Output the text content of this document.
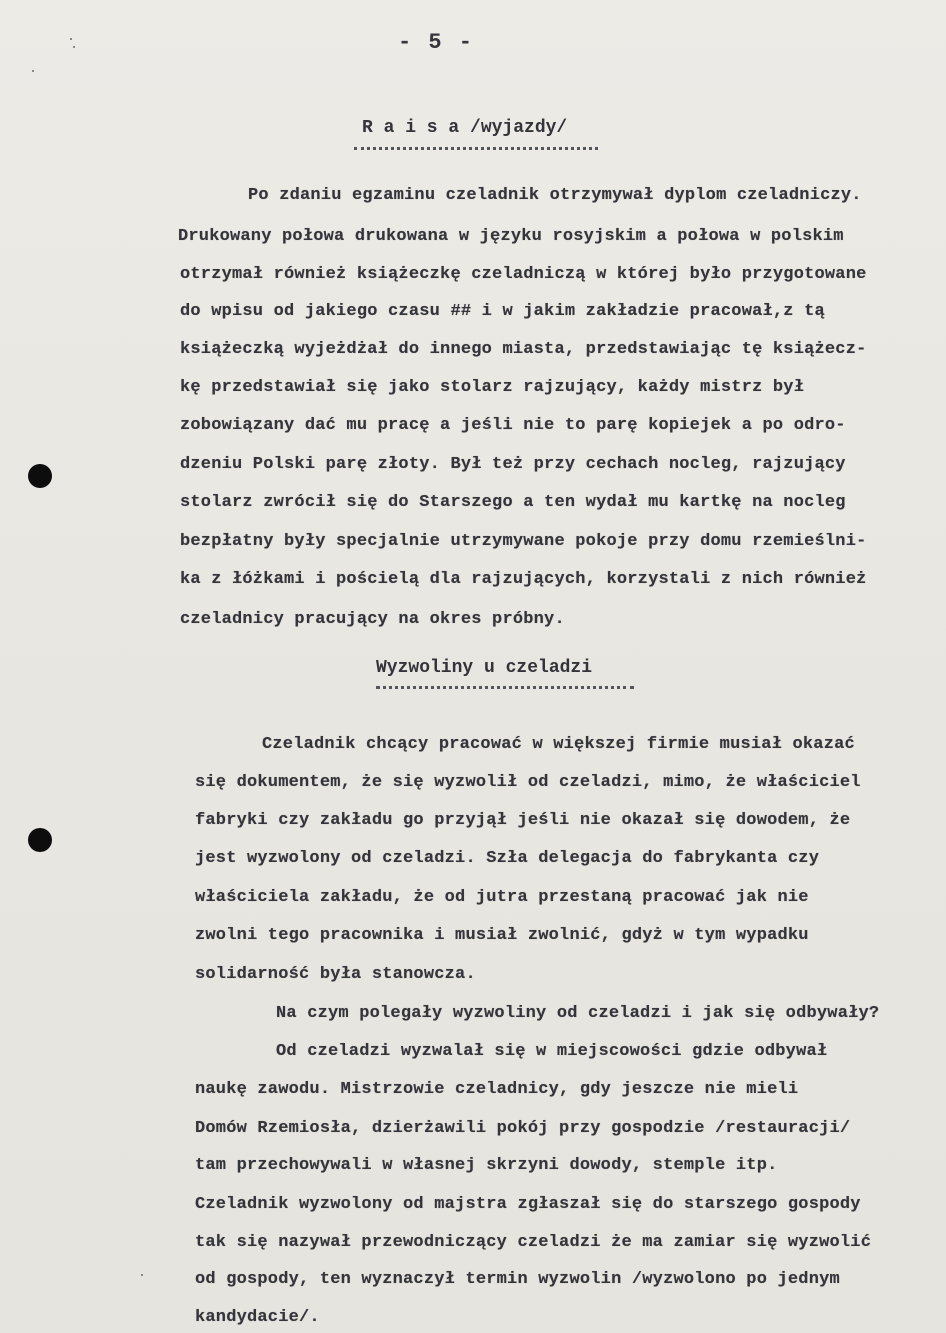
- 5 -
R a i s a /wyjazdy/
Po zdaniu egzaminu czeladnik otrzymywał dyplom czeladniczy.
Drukowany połowa drukowana w języku rosyjskim a połowa w polskim
otrzymał również książeczkę czeladniczą w której było przygotowane
do wpisu od jakiego czasu ## i w jakim zakładzie pracował,z tą
książeczką wyjeżdżał do innego miasta, przedstawiając tę książecz-
kę przedstawiał się jako stolarz rajzujący, każdy mistrz był
zobowiązany dać mu pracę a jeśli nie to parę kopiejek a po odro-
dzeniu Polski parę złoty. Był też przy cechach nocleg, rajzujący
stolarz zwrócił się do Starszego a ten wydał mu kartkę na nocleg
bezpłatny były specjalnie utrzymywane pokoje przy domu rzemieślni-
ka z łóżkami i pościelą dla rajzujących, korzystali z nich również
czeladnicy pracujący na okres próbny.
Wyzwoliny u czeladzi
Czeladnik chcący pracować w większej firmie musiał okazać
się dokumentem, że się wyzwolił od czeladzi, mimo, że właściciel
fabryki czy zakładu go przyjął jeśli nie okazał się dowodem, że
jest wyzwolony od czeladzi. Szła delegacja do fabrykanta czy
właściciela zakładu, że od jutra przestaną pracować jak nie
zwolni tego pracownika i musiał zwolnić, gdyż w tym wypadku
solidarność była stanowcza.
Na czym polegały wyzwoliny od czeladzi i jak się odbywały?
Od czeladzi wyzwalał się w miejscowości gdzie odbywał
naukę zawodu. Mistrzowie czeladnicy, gdy jeszcze nie mieli
Domów Rzemiosła, dzierżawili pokój przy gospodzie /restauracji/
tam przechowywali w własnej skrzyni dowody, stemple itp.
Czeladnik wyzwolony od majstra zgłaszał się do starszego gospody
tak się nazywał przewodniczący czeladzi że ma zamiar się wyzwolić
od gospody, ten wyznaczył termin wyzwolin /wyzwolono po jednym
kandydacie/.
